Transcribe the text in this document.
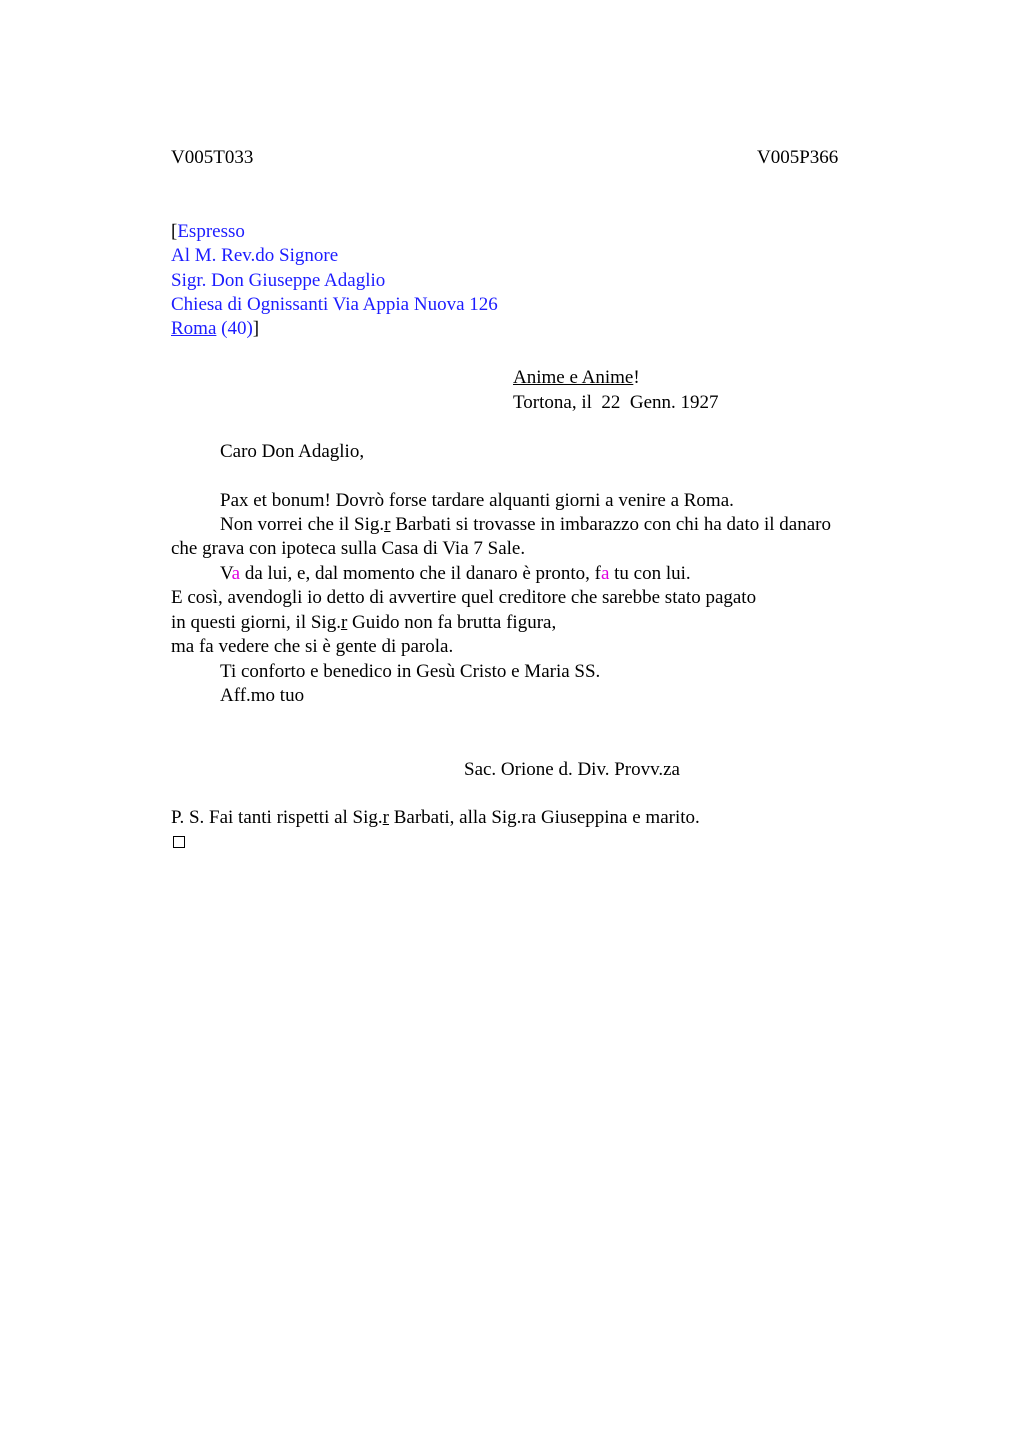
V005T033	V005P366
[Espresso
Al M. Rev.do Signore
Sigr. Don Giuseppe Adaglio
Chiesa di Ognissanti Via Appia Nuova 126
Roma (40)]
Anime e Anime!
Tortona, il  22  Genn. 1927
Caro Don Adaglio,
Pax et bonum! Dovrò forse tardare alquanti giorni a venire a Roma.
Non vorrei che il Sig.r Barbati si trovasse in imbarazzo con chi ha dato il danaro
che grava con ipoteca sulla Casa di Via 7 Sale.
Va da lui, e, dal momento che il danaro è pronto, fa tu con lui.
E così, avendogli io detto di avvertire quel creditore che sarebbe stato pagato
in questi giorni, il Sig.r Guido non fa brutta figura,
ma fa vedere che si è gente di parola.
Ti conforto e benedico in Gesù Cristo e Maria SS.
Aff.mo tuo
Sac. Orione d. Div. Provv.za
P. S. Fai tanti rispetti al Sig.r Barbati, alla Sig.ra Giuseppina e marito.
